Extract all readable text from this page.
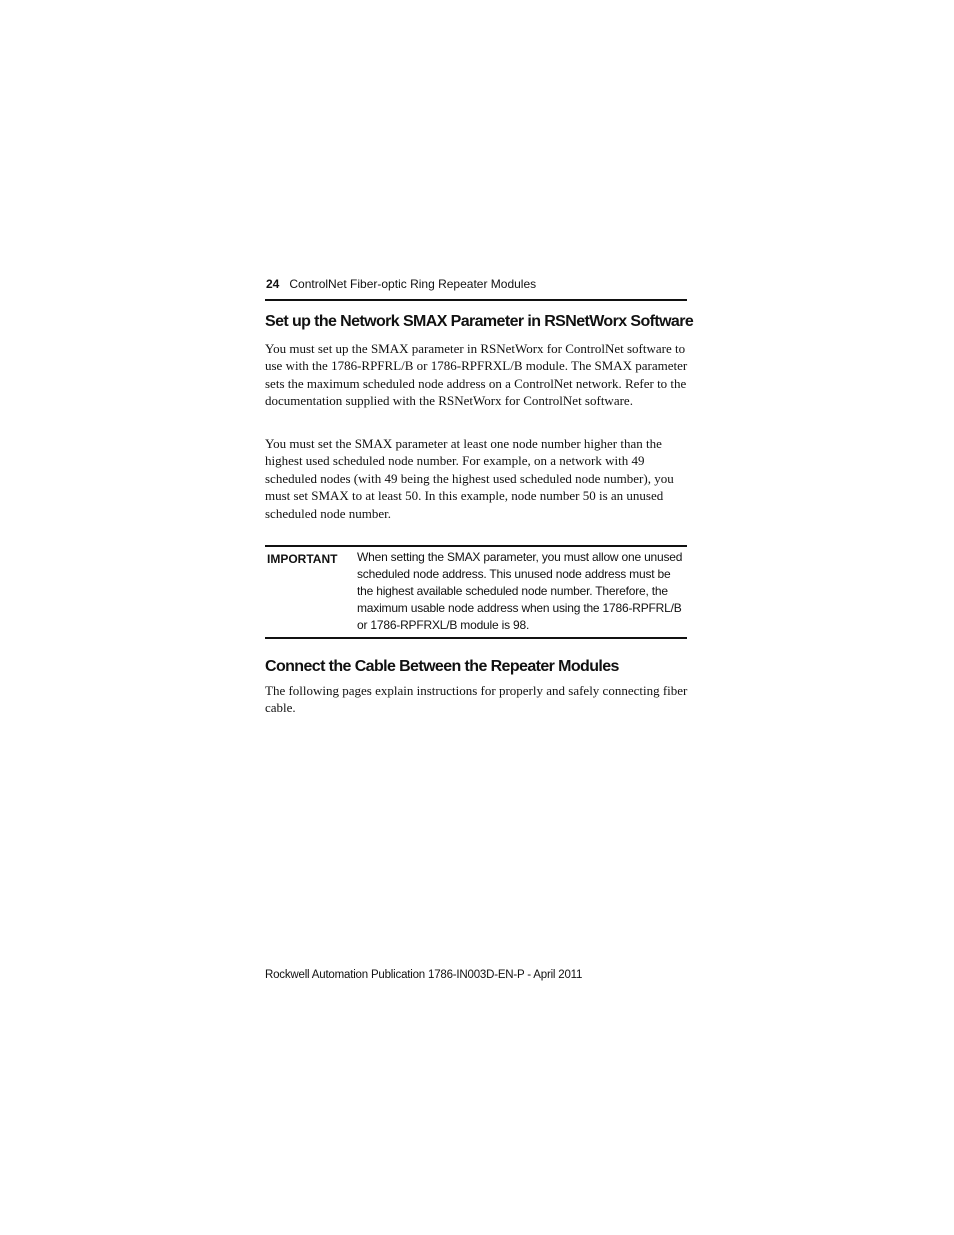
24 ControlNet Fiber-optic Ring Repeater Modules
Set up the Network SMAX Parameter in RSNetWorx Software

You must set up the SMAX parameter in RSNetWorx for ControlNet software to use with the 1786-RPFRL/B or 1786-RPFRXL/B module. The SMAX parameter sets the maximum scheduled node address on a ControlNet network. Refer to the documentation supplied with the RSNetWorx for ControlNet software.

You must set the SMAX parameter at least one node number higher than the highest used scheduled node number. For example, on a network with 49 scheduled nodes (with 49 being the highest used scheduled node number), you must set SMAX to at least 50. In this example, node number 50 is an unused scheduled node number.

IMPORTANT When setting the SMAX parameter, you must allow one unused scheduled node address. This unused node address must be the highest available scheduled node number. Therefore, the maximum usable node address when using the 1786-RPFRL/B or 1786-RPFRXL/B module is 98.

Connect the Cable Between the Repeater Modules

The following pages explain instructions for properly and safely connecting fiber cable.

Rockwell Automation Publication 1786-IN003D-EN-P - April 2011
